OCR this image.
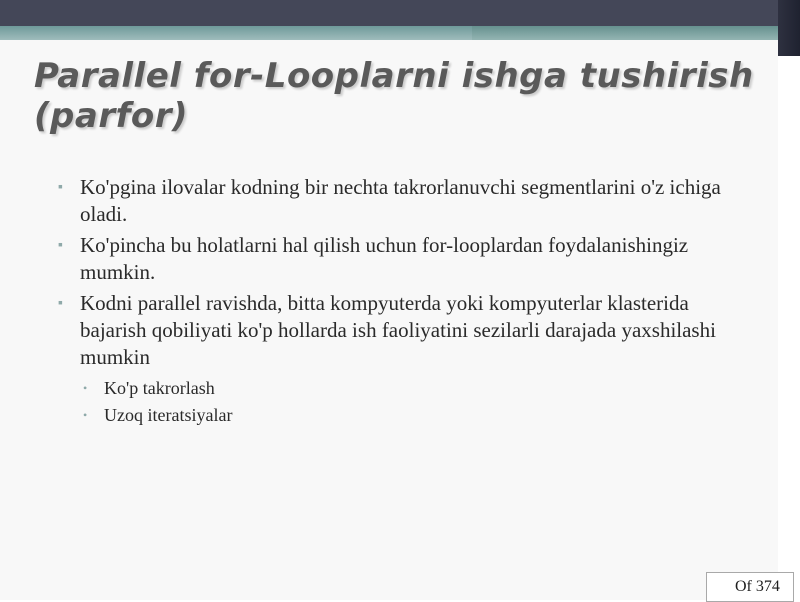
Parallel for-Looplarni ishga tushirish (parfor)
▪ Ko'pgina ilovalar kodning bir nechta takrorlanuvchi segmentlarini o'z ichiga oladi.
▪ Ko'pincha bu holatlarni hal qilish uchun for-looplardan foydalanishingiz mumkin.
▪ Kodni parallel ravishda, bitta kompyuterda yoki kompyuterlar klasterida bajarish qobiliyati ko'p hollarda ish faoliyatini sezilarli darajada yaxshilashi mumkin
• Ko'p takrorlash
• Uzoq iteratsiyalar
Of 374
